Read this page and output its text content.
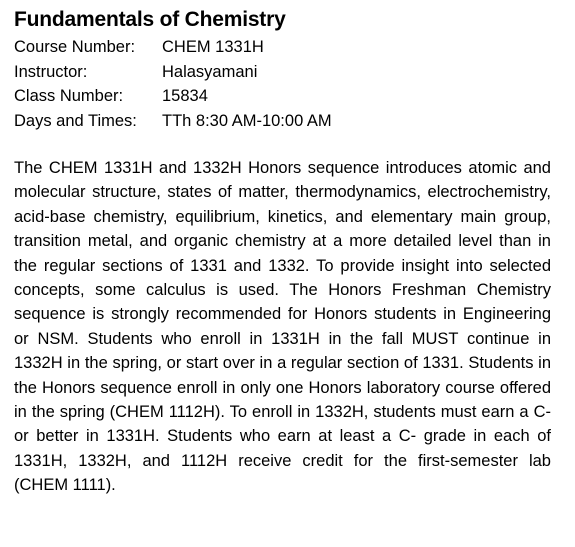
Fundamentals of Chemistry
Course Number:	CHEM 1331H
Instructor:	Halasyamani
Class Number:	15834
Days and Times:	TTh 8:30 AM-10:00 AM

The CHEM 1331H and 1332H Honors sequence introduces atomic and molecular structure, states of matter, thermodynamics, electrochemistry, acid-base chemistry, equilibrium, kinetics, and elementary main group, transition metal, and organic chemistry at a more detailed level than in the regular sections of 1331 and 1332. To provide insight into selected concepts, some calculus is used. The Honors Freshman Chemistry sequence is strongly recommended for Honors students in Engineering or NSM. Students who enroll in 1331H in the fall MUST continue in 1332H in the spring, or start over in a regular section of 1331. Students in the Honors sequence enroll in only one Honors laboratory course offered in the spring (CHEM 1112H). To enroll in 1332H, students must earn a C- or better in 1331H. Students who earn at least a C- grade in each of 1331H, 1332H, and 1112H receive credit for the first-semester lab (CHEM 1111).
